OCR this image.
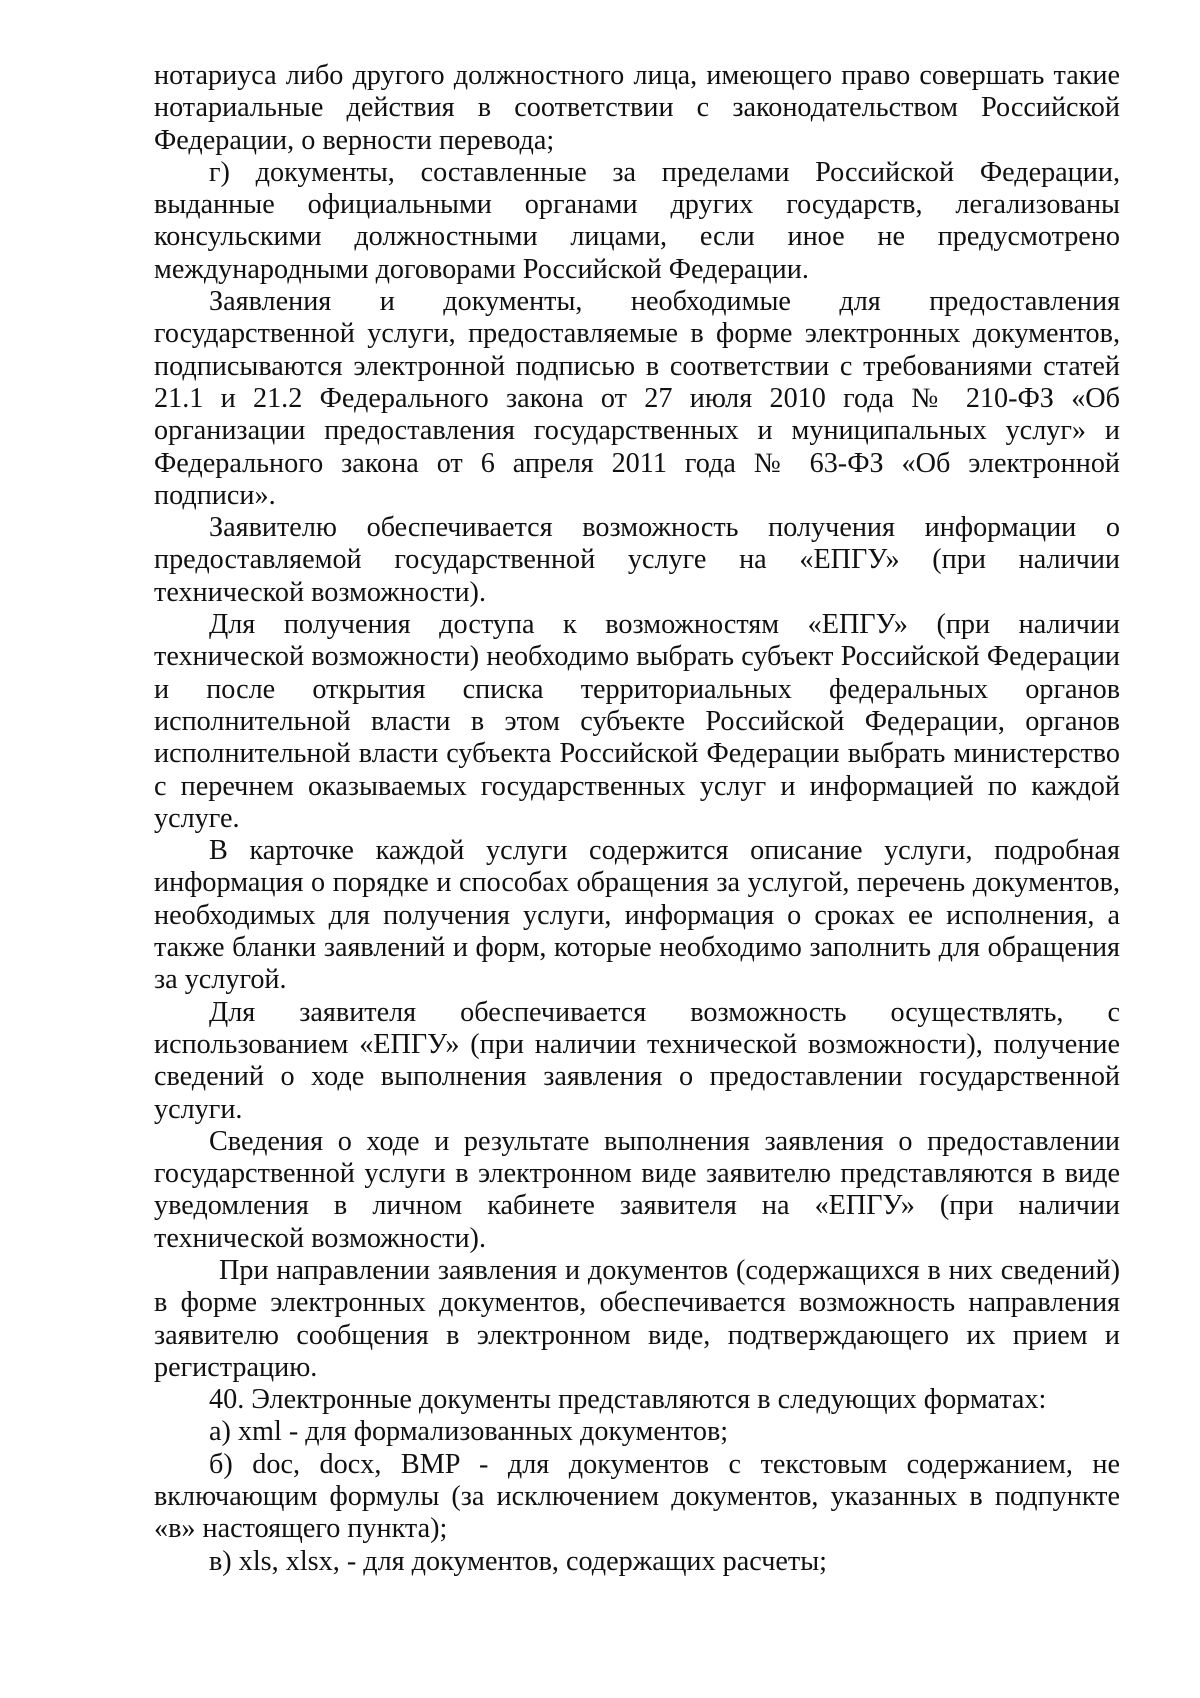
нотариуса либо другого должностного лица, имеющего право совершать такие нотариальные действия в соответствии с законодательством Российской Федерации, о верности перевода;

г) документы, составленные за пределами Российской Федерации, выданные официальными органами других государств, легализованы консульскими должностными лицами, если иное не предусмотрено международными договорами Российской Федерации.

Заявления и документы, необходимые для предоставления государственной услуги, предоставляемые в форме электронных документов, подписываются электронной подписью в соответствии с требованиями статей 21.1 и 21.2 Федерального закона от 27 июля 2010 года № 210-ФЗ «Об организации предоставления государственных и муниципальных услуг» и Федерального закона от 6 апреля 2011 года № 63-ФЗ «Об электронной подписи».

Заявителю обеспечивается возможность получения информации о предоставляемой государственной услуге на «ЕПГУ» (при наличии технической возможности).

Для получения доступа к возможностям «ЕПГУ» (при наличии технической возможности) необходимо выбрать субъект Российской Федерации и после открытия списка территориальных федеральных органов исполнительной власти в этом субъекте Российской Федерации, органов исполнительной власти субъекта Российской Федерации выбрать министерство с перечнем оказываемых государственных услуг и информацией по каждой услуге.

В карточке каждой услуги содержится описание услуги, подробная информация о порядке и способах обращения за услугой, перечень документов, необходимых для получения услуги, информация о сроках ее исполнения, а также бланки заявлений и форм, которые необходимо заполнить для обращения за услугой.

Для заявителя обеспечивается возможность осуществлять, с использованием «ЕПГУ» (при наличии технической возможности), получение сведений о ходе выполнения заявления о предоставлении государственной услуги.

Сведения о ходе и результате выполнения заявления о предоставлении государственной услуги в электронном виде заявителю представляются в виде уведомления в личном кабинете заявителя на «ЕПГУ» (при наличии технической возможности).

При направлении заявления и документов (содержащихся в них сведений) в форме электронных документов, обеспечивается возможность направления заявителю сообщения в электронном виде, подтверждающего их прием и регистрацию.

40. Электронные документы представляются в следующих форматах:

а) xml - для формализованных документов;

б) doc, docx, BMP - для документов с текстовым содержанием, не включающим формулы (за исключением документов, указанных в подпункте «в» настоящего пункта);

в) xls, xlsx, - для документов, содержащих расчеты;
